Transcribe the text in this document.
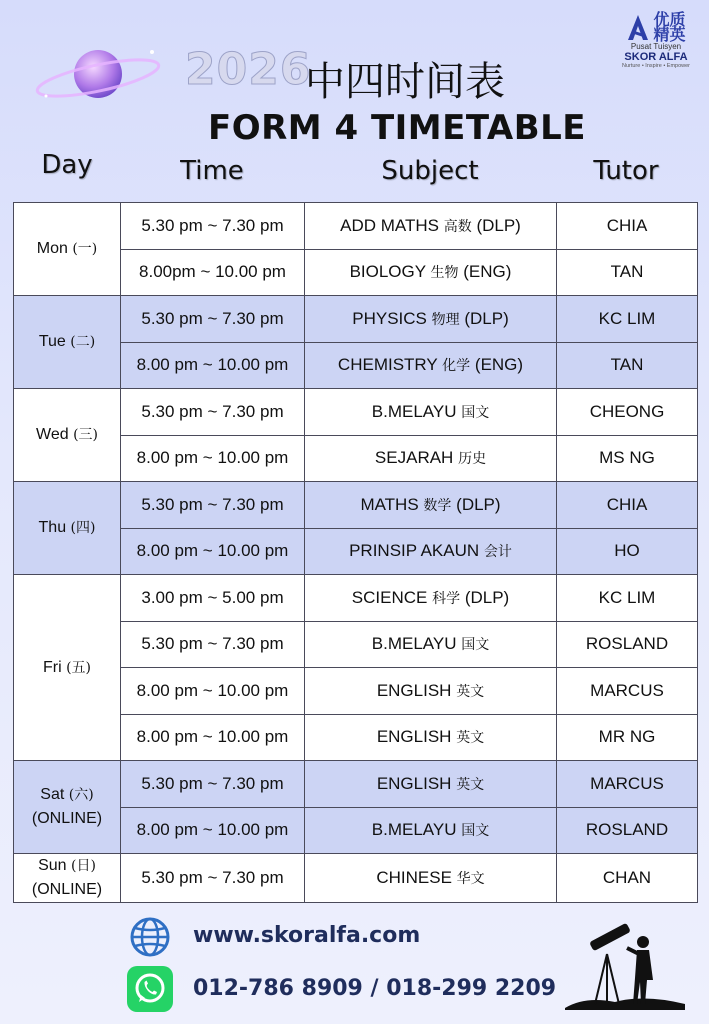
2026
中四时间表
FORM 4 TIMETABLE
优质
精英
Pusat Tuisyen
SKOR ALFA
Nurture • Inspire • Empower
Day	Time	Subject	Tutor
Mon (一)	5.30 pm ~ 7.30 pm	ADD MATHS 高数 (DLP)	CHIA
	8.00pm ~ 10.00 pm	BIOLOGY 生物 (ENG)	TAN
Tue (二)	5.30 pm ~ 7.30 pm	PHYSICS 物理 (DLP)	KC LIM
	8.00 pm ~ 10.00 pm	CHEMISTRY 化学 (ENG)	TAN
Wed (三)	5.30 pm ~ 7.30 pm	B.MELAYU 国文	CHEONG
	8.00 pm ~ 10.00 pm	SEJARAH 历史	MS NG
Thu (四)	5.30 pm ~ 7.30 pm	MATHS 数学 (DLP)	CHIA
	8.00 pm ~ 10.00 pm	PRINSIP AKAUN 会计	HO
Fri (五)	3.00 pm ~ 5.00 pm	SCIENCE 科学 (DLP)	KC LIM
	5.30 pm ~ 7.30 pm	B.MELAYU 国文	ROSLAND
	8.00 pm ~ 10.00 pm	ENGLISH 英文	MARCUS
	8.00 pm ~ 10.00 pm	ENGLISH 英文	MR NG
Sat (六)
(ONLINE)	5.30 pm ~ 7.30 pm	ENGLISH 英文	MARCUS
	8.00 pm ~ 10.00 pm	B.MELAYU 国文	ROSLAND
Sun (日)
(ONLINE)	5.30 pm ~ 7.30 pm	CHINESE 华文	CHAN
www.skoralfa.com
012-786 8909 / 018-299 2209
